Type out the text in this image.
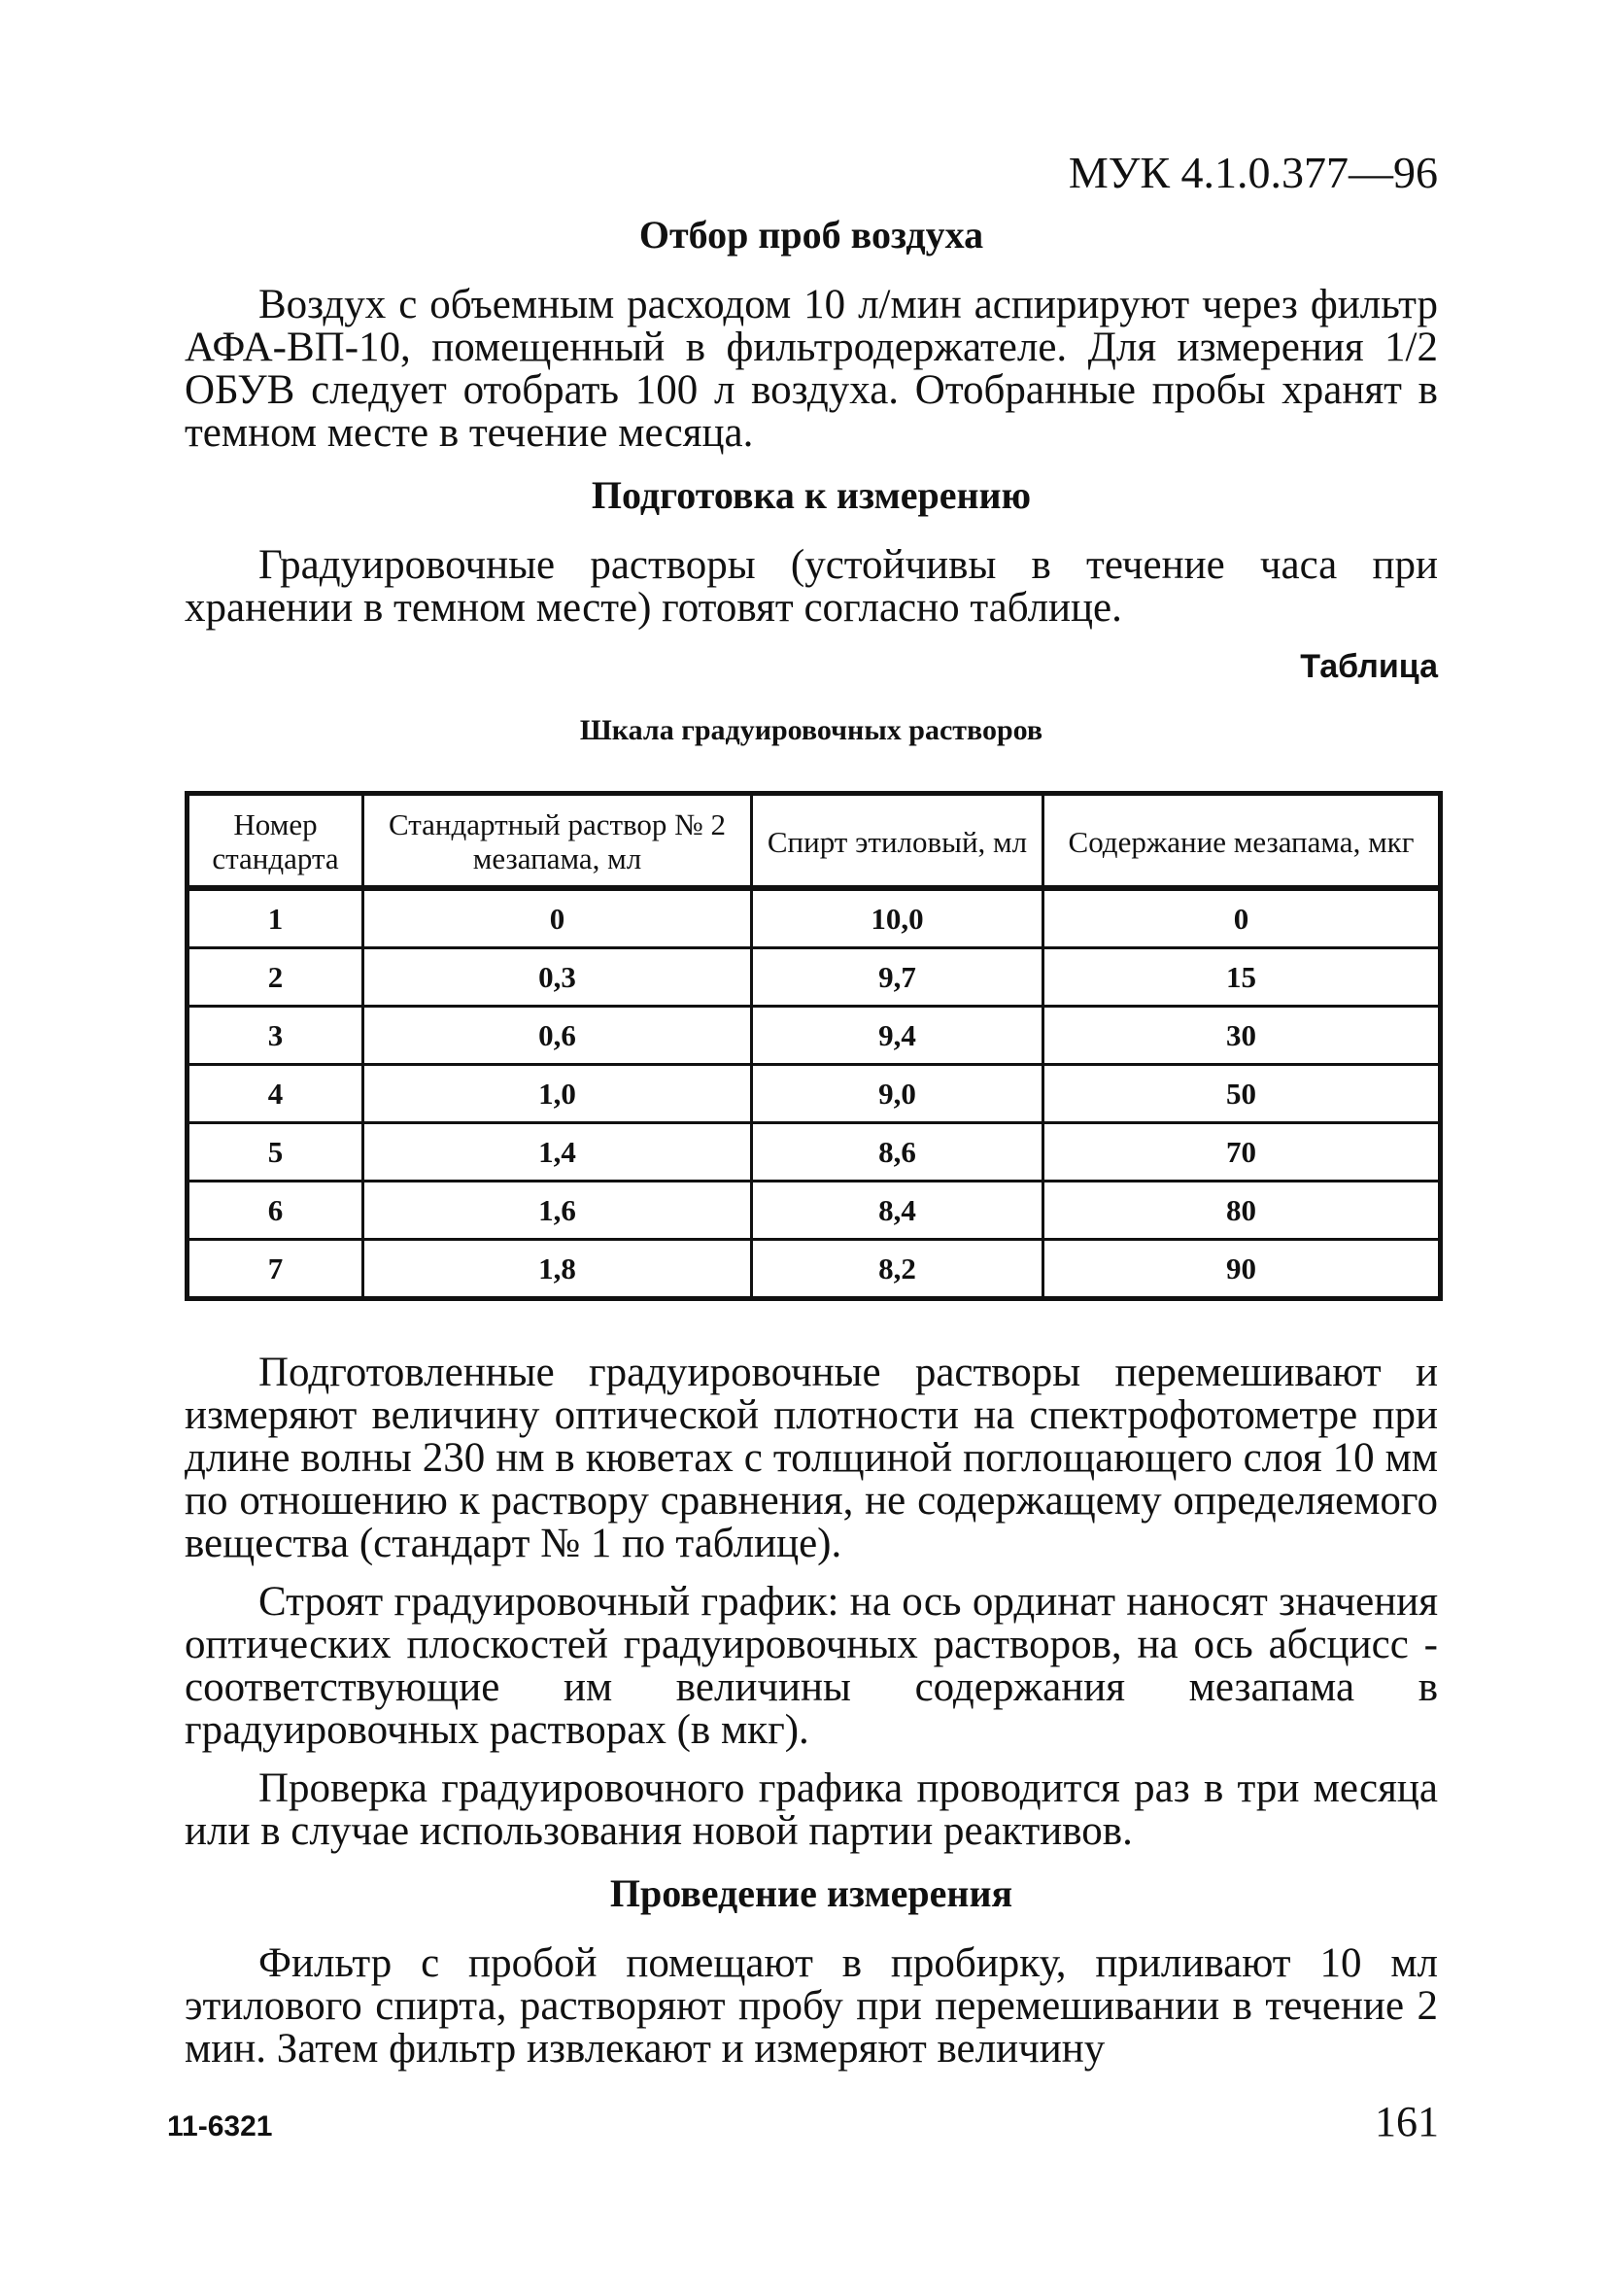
МУК 4.1.0.377—96
Отбор проб воздуха

Воздух с объемным расходом 10 л/мин аспирируют через фильтр АФА-ВП-10, помещенный в фильтродержателе. Для измерения 1/2 ОБУВ следует отобрать 100 л воздуха. Отобранные пробы хранят в темном месте в течение месяца.

Подготовка к измерению

Градуировочные растворы (устойчивы в течение часа при хранении в темном месте) готовят согласно таблице.

Таблица
Шкала градуировочных растворов
Номер стандарта	Стандартный раствор № 2 мезапама, мл	Спирт этиловый, мл	Содержание мезапама, мкг
1	0	10,0	0
2	0,3	9,7	15
3	0,6	9,4	30
4	1,0	9,0	50
5	1,4	8,6	70
6	1,6	8,4	80
7	1,8	8,2	90

Подготовленные градуировочные растворы перемешивают и измеряют величину оптической плотности на спектрофотометре при длине волны 230 нм в кюветах с толщиной поглощающего слоя 10 мм по отношению к раствору сравнения, не содержащему определяемого вещества (стандарт № 1 по таблице).

Строят градуировочный график: на ось ординат наносят значения оптических плоскостей градуировочных растворов, на ось абсцисс - соответствующие им величины содержания мезапама в градуировочных растворах (в мкг).

Проверка градуировочного графика проводится раз в три месяца или в случае использования новой партии реактивов.

Проведение измерения

Фильтр с пробой помещают в пробирку, приливают 10 мл этилового спирта, растворяют пробу при перемешивании в течение 2 мин. Затем фильтр извлекают и измеряют величину

11-6321	161
